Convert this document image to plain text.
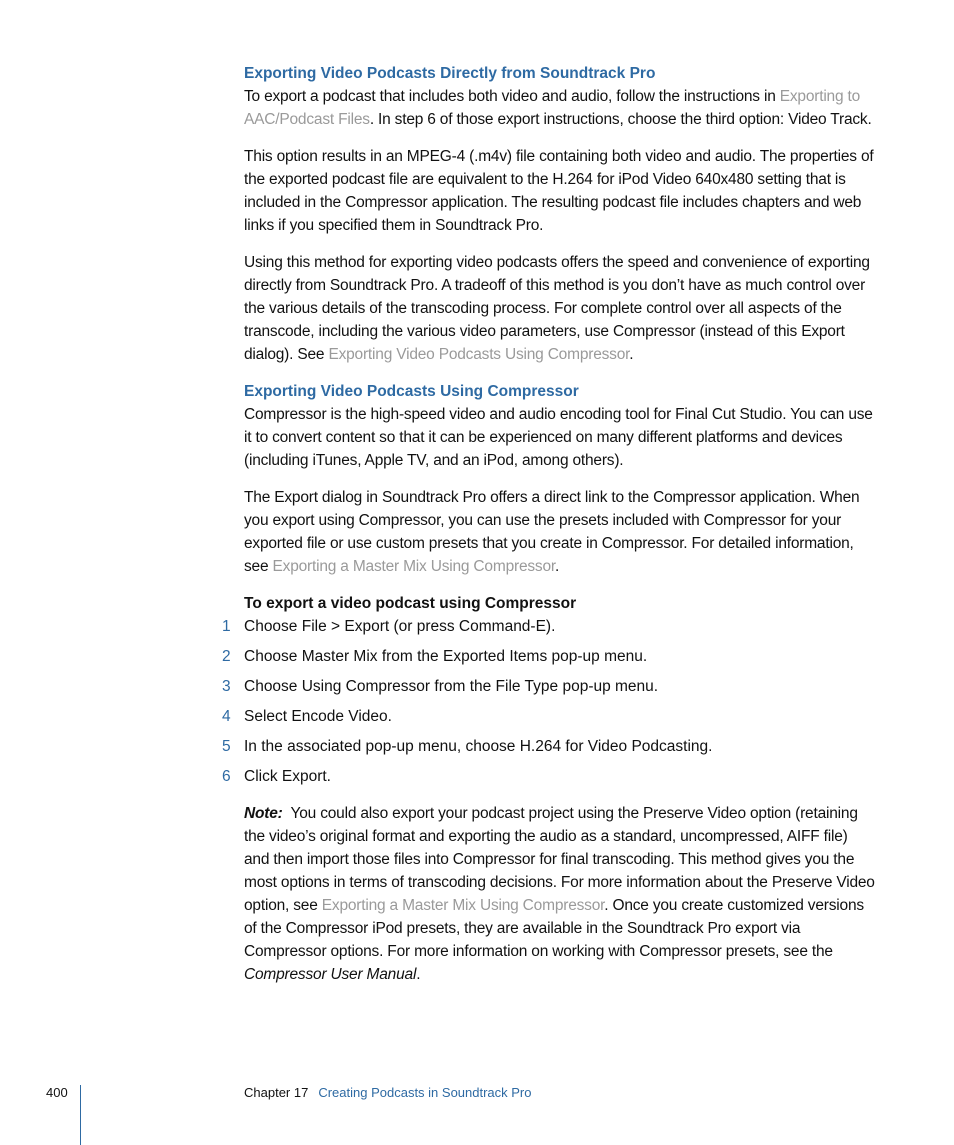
Exporting Video Podcasts Directly from Soundtrack Pro

To export a podcast that includes both video and audio, follow the instructions in Exporting to AAC/Podcast Files. In step 6 of those export instructions, choose the third option: Video Track.

This option results in an MPEG-4 (.m4v) file containing both video and audio. The properties of the exported podcast file are equivalent to the H.264 for iPod Video 640x480 setting that is included in the Compressor application. The resulting podcast file includes chapters and web links if you specified them in Soundtrack Pro.

Using this method for exporting video podcasts offers the speed and convenience of exporting directly from Soundtrack Pro. A tradeoff of this method is you don’t have as much control over the various details of the transcoding process. For complete control over all aspects of the transcode, including the various video parameters, use Compressor (instead of this Export dialog). See Exporting Video Podcasts Using Compressor.

Exporting Video Podcasts Using Compressor

Compressor is the high-speed video and audio encoding tool for Final Cut Studio. You can use it to convert content so that it can be experienced on many different platforms and devices (including iTunes, Apple TV, and an iPod, among others).

The Export dialog in Soundtrack Pro offers a direct link to the Compressor application. When you export using Compressor, you can use the presets included with Compressor for your exported file or use custom presets that you create in Compressor. For detailed information, see Exporting a Master Mix Using Compressor.

To export a video podcast using Compressor
1 Choose File > Export (or press Command-E).
2 Choose Master Mix from the Exported Items pop-up menu.
3 Choose Using Compressor from the File Type pop-up menu.
4 Select Encode Video.
5 In the associated pop-up menu, choose H.264 for Video Podcasting.
6 Click Export.

Note:  You could also export your podcast project using the Preserve Video option (retaining the video’s original format and exporting the audio as a standard, uncompressed, AIFF file) and then import those files into Compressor for final transcoding. This method gives you the most options in terms of transcoding decisions. For more information about the Preserve Video option, see Exporting a Master Mix Using Compressor. Once you create customized versions of the Compressor iPod presets, they are available in the Soundtrack Pro export via Compressor options. For more information on working with Compressor presets, see the Compressor User Manual.

400	Chapter 17 Creating Podcasts in Soundtrack Pro
